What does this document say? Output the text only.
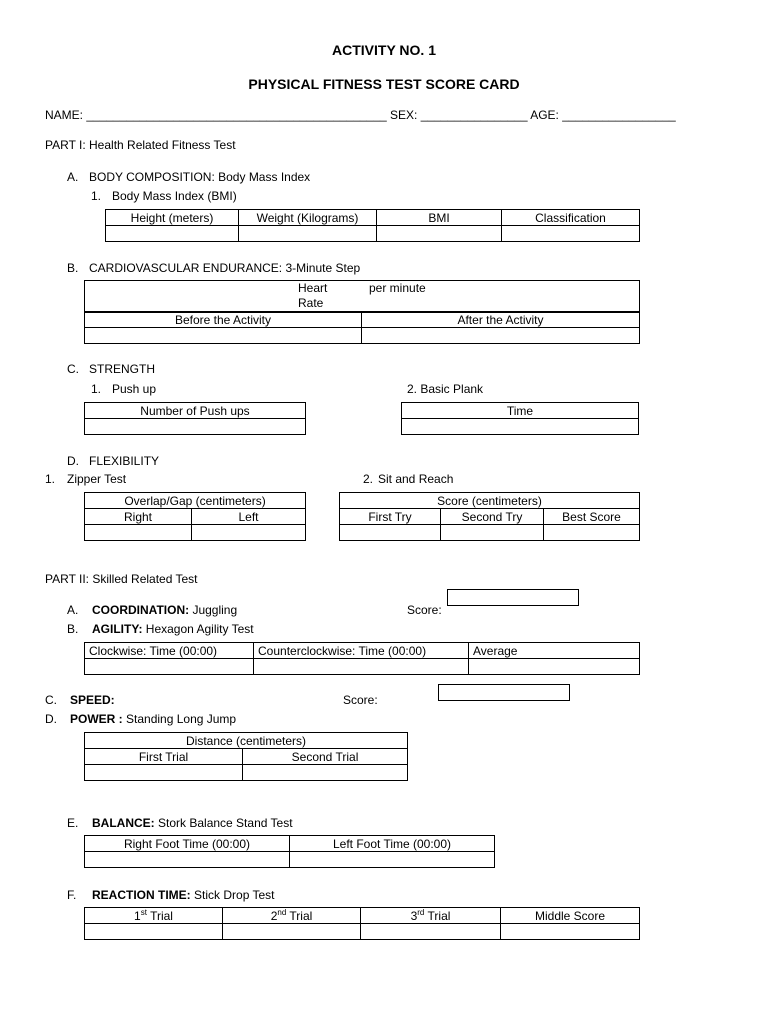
ACTIVITY NO. 1
PHYSICAL FITNESS TEST SCORE CARD
NAME: _____________________________________________ SEX: ________________ AGE: _________________
PART I: Health Related Fitness Test
A. BODY COMPOSITION: Body Mass Index
1. Body Mass Index (BMI)
Height (meters)	Weight (Kilograms)	BMI	Classification

B. CARDIOVASCULAR ENDURANCE: 3-Minute Step
Heart	per minute
Rate
Before the Activity	After the Activity

C. STRENGTH
1. Push up	2. Basic Plank
Number of Push ups	Time

D. FLEXIBILITY
1. Zipper Test	2. Sit and Reach
Overlap/Gap (centimeters)	
Right	Left

Score (centimeters)		
First Try	Second Try	Best Score

PART II: Skilled Related Test
A. COORDINATION: Juggling	Score:
B. AGILITY: Hexagon Agility Test
Clockwise: Time (00:00)	Counterclockwise: Time (00:00)	Average

C. SPEED:	Score:
D. POWER : Standing Long Jump
Distance (centimeters)	
First Trial	Second Trial

E. BALANCE: Stork Balance Stand Test
Right Foot Time (00:00)	Left Foot Time (00:00)

F. REACTION TIME: Stick Drop Test
1st Trial	2nd Trial	3rd Trial	Middle Score
